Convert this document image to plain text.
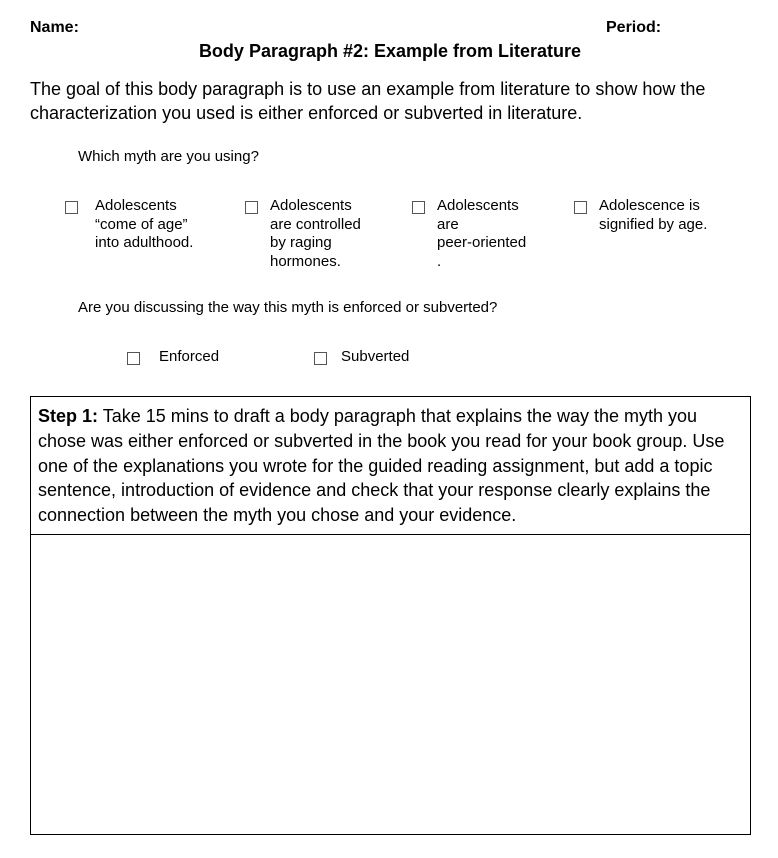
Name:	Period:
Body Paragraph #2: Example from Literature
The goal of this body paragraph is to use an example from literature to show how the characterization you used is either enforced or subverted in literature.
Which myth are you using?
Adolescents
“come of age”
into adulthood.
Adolescents
are controlled
by raging
hormones.
Adolescents
are
peer-oriented
.
Adolescence is
signified by age.
Are you discussing the way this myth is enforced or subverted?
Enforced	Subverted
Step 1: Take 15 mins to draft a body paragraph that explains the way the myth you chose was either enforced or subverted in the book you read for your book group. Use one of the explanations you wrote for the guided reading assignment, but add a topic sentence, introduction of evidence and check that your response clearly explains the connection between the myth you chose and your evidence.
